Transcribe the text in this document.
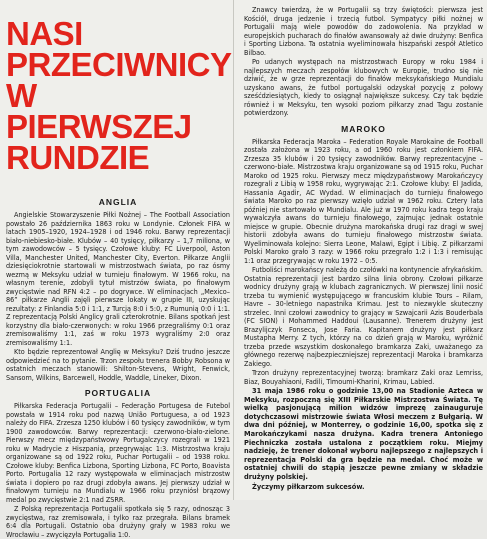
NASI
PRZECIWNICY
W PIERWSZEJ
RUNDZIE
ANGLIA

Angielskie Stowarzyszenie Piłki Nożnej – The Football Association powstało 26 października 1863 roku w Londynie. Członek FIFA w latach 1905–1920, 1924–1928 i od 1946 roku. Barwy reprezentacji biało-niebiesko-białe. Klubów – 40 tysięcy, piłkarzy – 1,7 miliona, w tym zawodowców – 5 tysięcy. Czołowe kluby: FC Liverpool, Aston Villa, Manchester United, Manchester City, Everton. Piłkarze Anglii dziesięciokrotnie startowali w mistrzostwach świata, po raz ósmy wezmą w Meksyku udział w turnieju finałowym. W 1966 roku, na własnym terenie, zdobyli tytuł mistrzów świata, po finałowym zwycięstwie nad RFN 4:2 – po dogrywce. W eliminacjach „Mexico–86” piłkarze Anglii zajęli pierwsze lokaty w grupie III, uzyskując rezultaty: z Finlandia 5:0 i 1:1, z Turcją 8:0 i 5:0, z Rumunią 0:0 i 1:1. Z reprezentacją Polski Anglicy grali czterokrotnie. Bilans spotkań jest korzystny dla biało-czerwonych: w roku 1966 przegraliśmy 0:1 oraz zremisowaliśmy 1:1, zaś w roku 1973 wygraliśmy 2:0 oraz zremisowaliśmy 1:1.

Kto będzie reprezentował Anglię w Meksyku? Dziś trudno jeszcze odpowiedzieć na to pytanie. Trzon zespołu trenera Bobby Robsona w ostatnich meczach stanowili: Shilton-Stevens, Wright, Fenwick, Sansom, Wilkins, Barcewell, Hoddle, Waddle, Lineker, Dixon.

PORTUGALIA

Piłkarska Federacja Portugalii – Federação Portugesa de Futebol powstała w 1914 roku pod nazwą União Portuguesa, a od 1923 należy do FIFA. Zrzesza 1250 klubów i 60 tysięcy zawodników, w tym 1900 zawodowców. Barwy reprezentacji: czerwono-biało-zielone. Pierwszy mecz międzypaństwowy Portugalczycy rozegrali w 1921 roku w Madrycie z Hiszpanią, przegrywając 1:3. Mistrzostwa kraju organizowane są od 1922 roku, Puchar Portugalii – od 1938 roku. Czołowe kluby: Benfica Lizbona, Sporting Lizbona, FC Porto, Boavista Porto. Portugalia 12 razy występowała w eliminacjach mistrzostw świata i dopiero po raz drugi zdobyła awans. Jej pierwszy udział w finałowym turnieju na Mundialu w 1966 roku przyniósł brązowy medal po zwycięstwie 2:1 nad ZSRR.

Z Polską reprezentacja Portugalii spotkała się 5 razy, odnosząc 3 zwycięstwa, raz zremisowała, i tylko raz przegrała. Bilans bramek 6:4 dla Portugali. Ostatnio oba drużyny grały w 1983 roku we Wrocławiu – zwycięzyła Portugalia 1:0.

Znawcy twierdzą, że w Portugalii są trzy świętości: pierwsza jest Kościół, druga jedzenie i trzecią futbol. Sympatycy piłki nożnej w Portugalii mają wiele powodów do zadowolenia. Na przykład w europejskich pucharach do finałów awansowały aż dwie drużyny: Benfica i Sporting Lizbona. Ta ostatnia wyeliminowała hiszpański zespół Atletico Bilbao.

Po udanych występach na mistrzostwach Europy w roku 1984 i najlepszych meczach zespołów klubowych w Europie, trudno się nie dziwić, że w grze reprezentacji do finałów meksykańskiego Mundialu uzyskano awans, że futbol portugalski odzyskał pozycję z połowy sześćdziesiątych, kiedy to osiągnął największe sukcesy. Czy tak będzie również i w Meksyku, ten wysoki poziom piłkarzy znad Tagu zostanie potwierdzony.

MAROKO

Piłkarska Federacja Maroka – Federation Royale Marokaine de Football została założona w 1923 roku, a od 1960 roku jest członkiem FIFA. Zrzesza 35 klubów i 20 tysięcy zawodników. Barwy reprezentacyjne – czerwono-białe. Mistrzostwa kraju organizowane są od 1915 roku, Puchar Maroko od 1925 roku. Pierwszy mecz międzypaństwowy Marokańczycy rozegrali z Libią w 1958 roku, wygrywając 2:1. Czołowe kluby: El Jadida, Hassania Agadir, AC Wydad. W eliminacjach do turnieju finałowego świata Maroko po raz pierwszy wzięło udział w 1962 roku. Cztery lata później nie startowało w Mundialu. Ale już w 1970 roku kadra tego kraju wywalczyła awans do turnieju finałowego, zajmując jednak ostatnie miejsce w grupie. Obecnie drużyna marokańska drugi raz dragi w swej historii zdobyła awans do turnieju finałowego mistrzostw świata. Wyeliminowała kolejno: Sierra Leone, Malawi, Egipt i Libię. Z piłkarzami Polski Maroko grało 3 razy: w 1966 roku przegrało 1:2 i 1:3 i remisując 1:1 oraz przegrywając w roku 1972 – 0:5.

Futboliści marokańscy należą do czołówki na kontynencie afrykańskim. Ostatnia reprezentacji jest bardzo silna linia obrony. Czołowi piłkarze wodnicy drużyny grają w klubach zagranicznych. W pierwszej linii nosić trzeba tu wymienić występującego w francuskim klubie Tours – Rilam, Havre – 30-letniego napastnika Krimau. Jest to niezwykle skuteczny strzelec. Inni czołowi zawodnicy to grający w Szwajcarii Azis Bouderbala (FC SION) i Mohammed Haddoui (Lausanne). Trenerem drużyny jest Brazylijczyk Fonseca, Jose Faria. Kapitanem drużyny jest piłkarz Mustapha Merry. Z tych, którzy na co dzień grają w Maroku, wyróżnić trzeba przede wszystkim doskonałego bramkarza Zaki, uważanego za głównego rezerwę najbezpieczniejszej reprezentacji Maroka i bramkarza Zakiego.

Trzon drużyny reprezentacyjnej tworzą: bramkarz Zaki oraz Lemriss, Biaz, Bouyahiaoni, Fadili, Timoumi-Kharini, Krimau, Labied.

31 maja 1986 roku o godzinie 13,00 na Stadionie Azteca w Meksyku, rozpoczną się XIII Piłkarskie Mistrzostwa Świata. Tę wielką pasjonującą milion widzów imprezę zainauguruje dotychczasowi mistrzowie świata Włosi meczem z Bułgarią. W dwa dni później, w Monterrey, o godzinie 16,00, spotka się z Marokańczykami nasza drużyna. Kadra trenera Antoniego Piechniczka została ustalona z początkiem roku. Miejmy nadzieję, że trener dokonał wyboru najlepszego z najlepszych i reprezentacja Polski da gra będzie na medal. Choć może w ostatniej chwili do stąpią jeszcze pewne zmiany w składzie drużyny polskiej.

Życzymy piłkarzom sukcesów.
